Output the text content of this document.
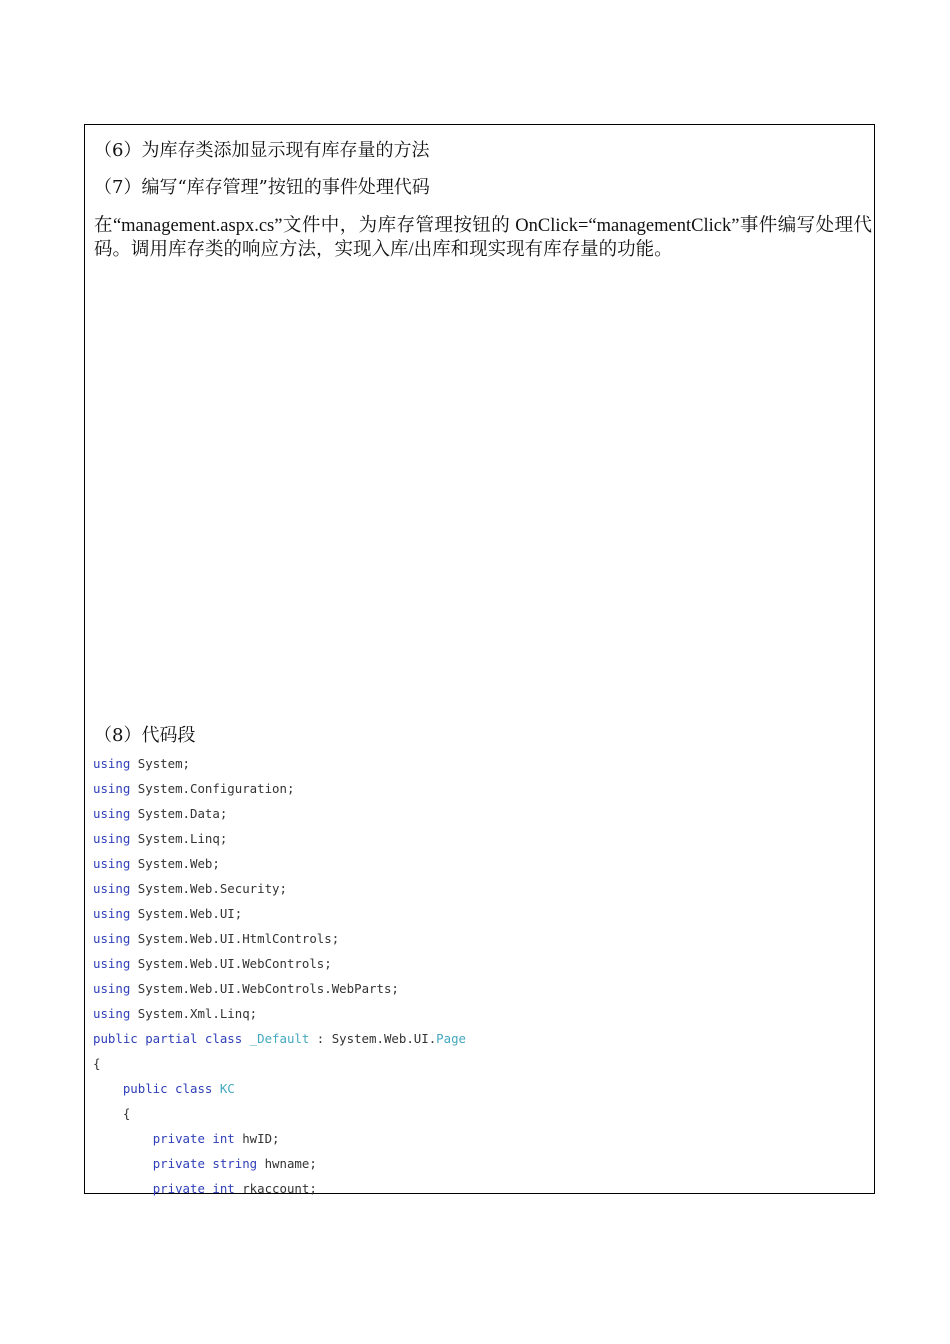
（6）为库存类添加显示现有库存量的方法
（7）编写“库存管理”按钮的事件处理代码
在“management.aspx.cs”文件中，为库存管理按钮的 OnClick=“managementClick”事件编写处理代码。调用库存类的响应方法，实现入库/出库和现实现有库存量的功能。
（8）代码段
using System;
using System.Configuration;
using System.Data;
using System.Linq;
using System.Web;
using System.Web.Security;
using System.Web.UI;
using System.Web.UI.HtmlControls;
using System.Web.UI.WebControls;
using System.Web.UI.WebControls.WebParts;
using System.Xml.Linq;
public partial class _Default : System.Web.UI.Page
{
public class KC
{
private int hwID;
private string hwname;
private int rkaccount;
